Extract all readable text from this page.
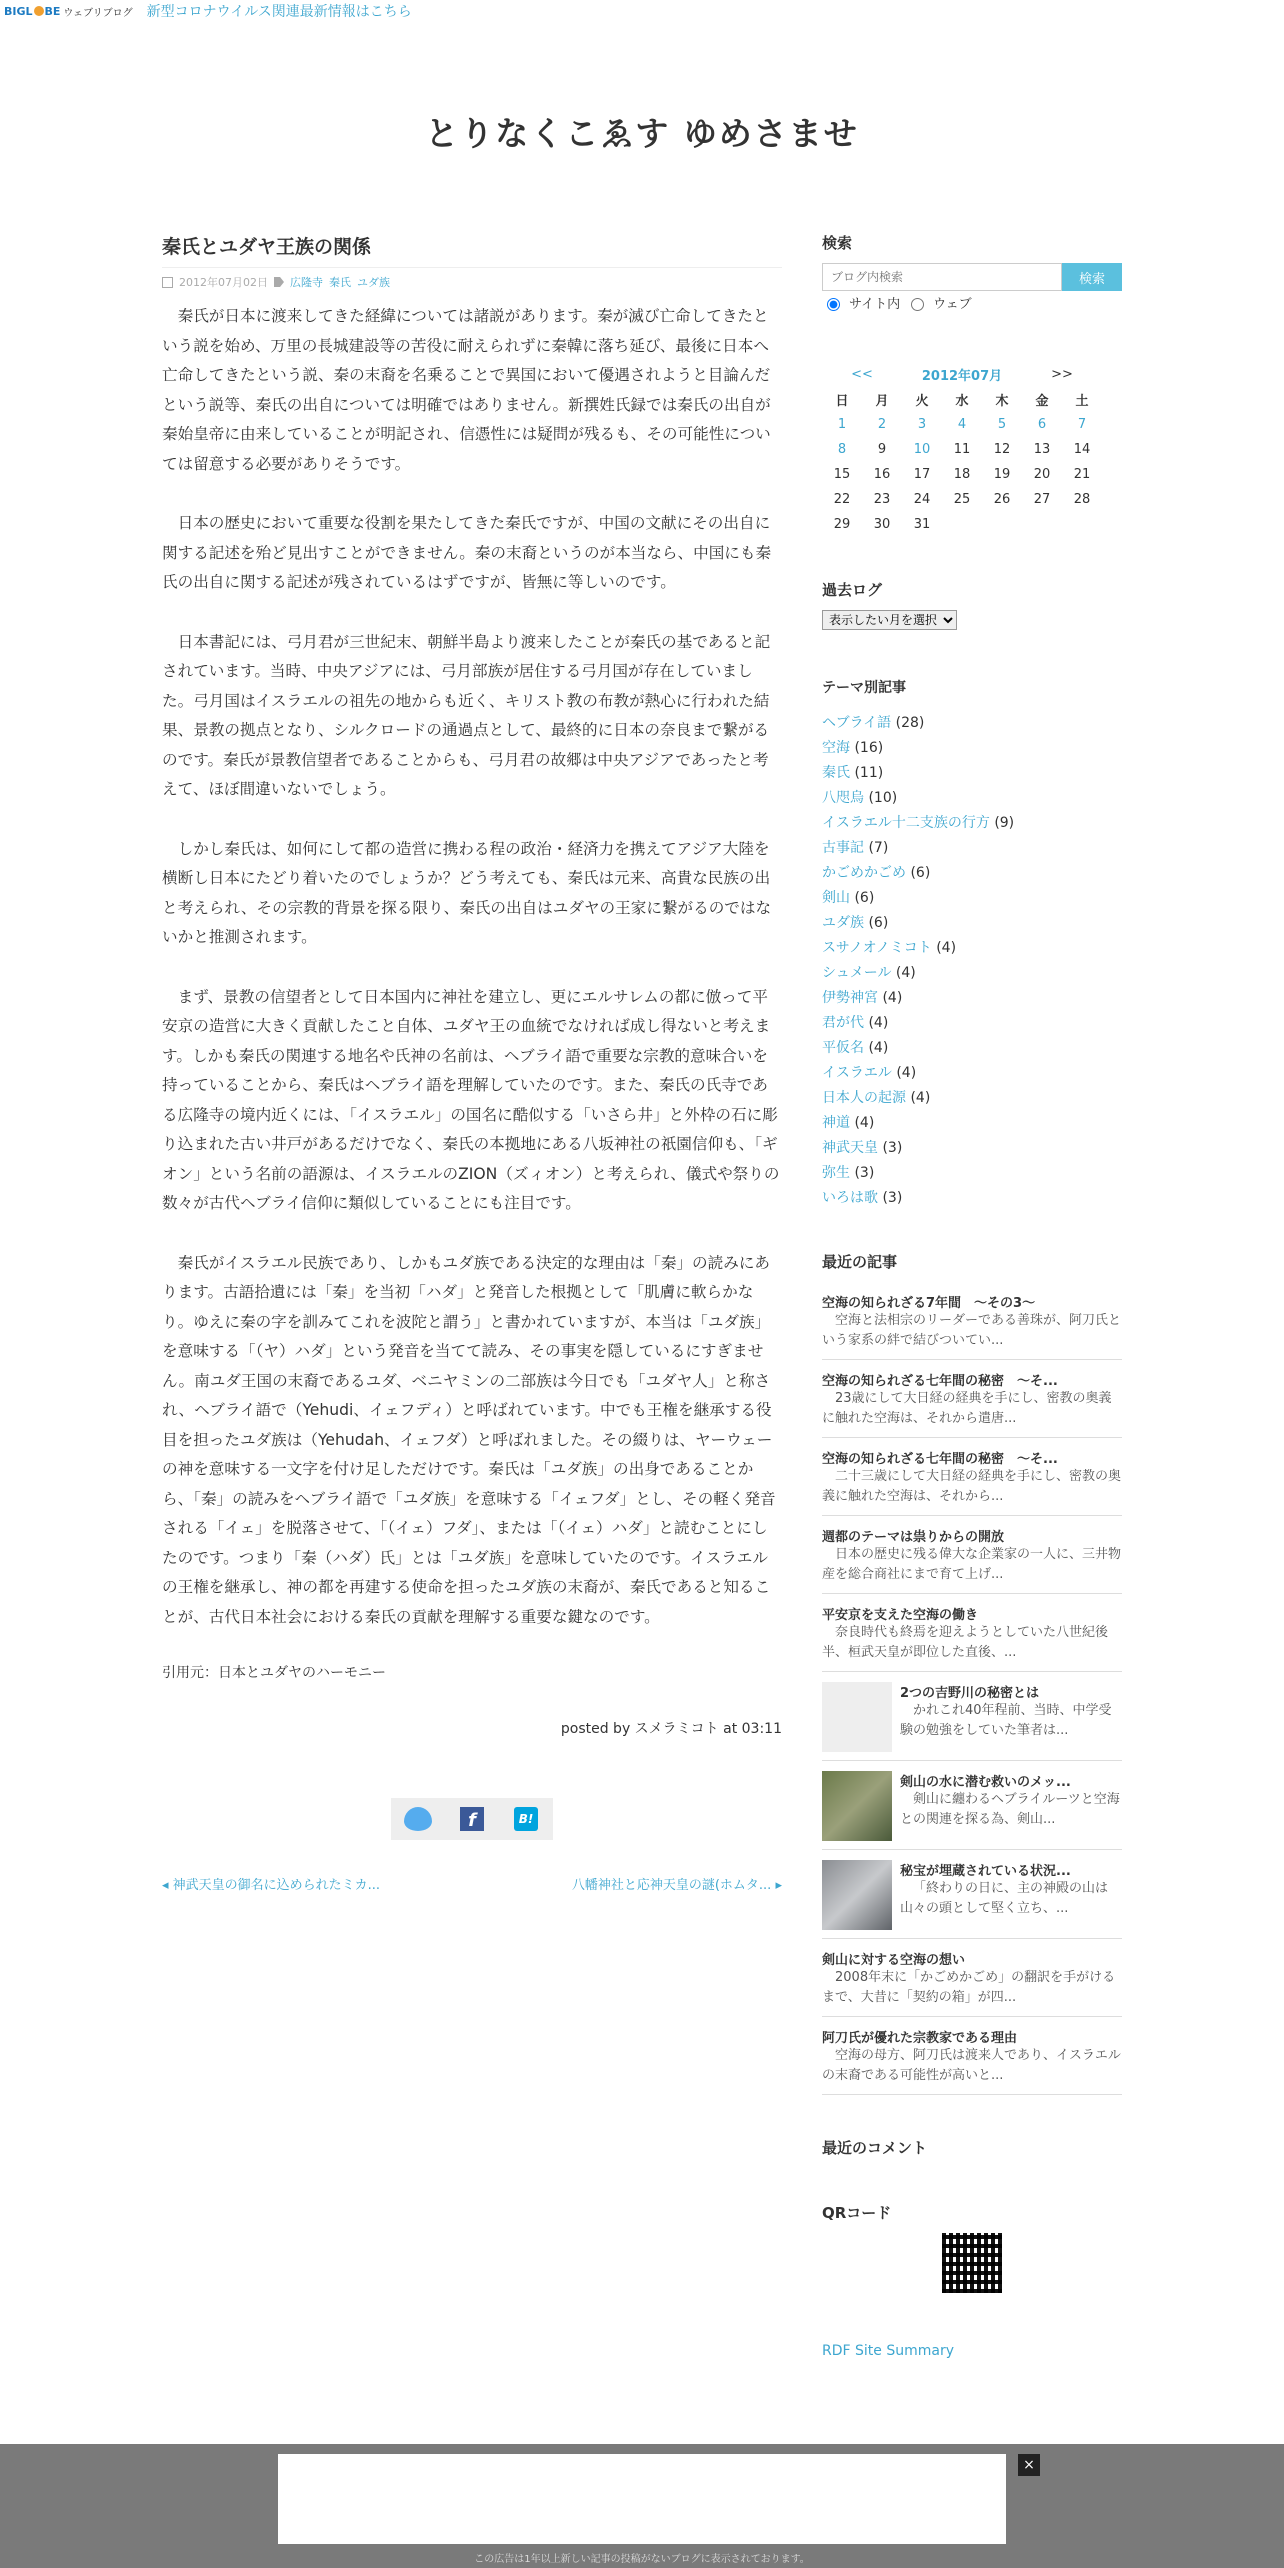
BIGL BE ウェブリブログ 新型コロナウイルス関連最新情報はこちら
とりなくこゑす ゆめさませ
秦氏とユダヤ王族の関係
2012年07月02日 広隆寺 秦氏 ユダ族

秦氏が日本に渡来してきた経緯については諸説があります。秦が滅び亡命してきたという説を始め、万里の長城建設等の苦役に耐えられずに秦韓に落ち延び、最後に日本へ亡命してきたという説、秦の末裔を名乗ることで異国において優遇されようと目論んだという説等、秦氏の出自については明確ではありません。新撰姓氏録では秦氏の出自が秦始皇帝に由来していることが明記され、信憑性には疑問が残るも、その可能性については留意する必要がありそうです。

日本の歴史において重要な役割を果たしてきた秦氏ですが、中国の文献にその出自に関する記述を殆ど見出すことができません。秦の末裔というのが本当なら、中国にも秦氏の出自に関する記述が残されているはずですが、皆無に等しいのです。

日本書記には、弓月君が三世紀末、朝鮮半島より渡来したことが秦氏の基であると記されています。当時、中央アジアには、弓月部族が居住する弓月国が存在していました。弓月国はイスラエルの祖先の地からも近く、キリスト教の布教が熱心に行われた結果、景教の拠点となり、シルクロードの通過点として、最終的に日本の奈良まで繋がるのです。秦氏が景教信望者であることからも、弓月君の故郷は中央アジアであったと考えて、ほぼ間違いないでしょう。

しかし秦氏は、如何にして都の造営に携わる程の政治・経済力を携えてアジア大陸を横断し日本にたどり着いたのでしょうか？どう考えても、秦氏は元来、高貴な民族の出と考えられ、その宗教的背景を探る限り、秦氏の出自はユダヤの王家に繋がるのではないかと推測されます。

まず、景教の信望者として日本国内に神社を建立し、更にエルサレムの都に倣って平安京の造営に大きく貢献したこと自体、ユダヤ王の血統でなければ成し得ないと考えます。しかも秦氏の関連する地名や氏神の名前は、ヘブライ語で重要な宗教的意味合いを持っていることから、秦氏はヘブライ語を理解していたのです。また、秦氏の氏寺である広隆寺の境内近くには、「イスラエル」の国名に酷似する「いさら井」と外枠の石に彫り込まれた古い井戸があるだけでなく、秦氏の本拠地にある八坂神社の祇園信仰も、「ギオン」という名前の語源は、イスラエルのZION（ズィオン）と考えられ、儀式や祭りの数々が古代ヘブライ信仰に類似していることにも注目です。

秦氏がイスラエル民族であり、しかもユダ族である決定的な理由は「秦」の読みにあります。古語拾遺には「秦」を当初「ハダ」と発音した根拠として「肌膚に軟らかなり。ゆえに秦の字を訓みてこれを波陀と謂う」と書かれていますが、本当は「ユダ族」を意味する「（ヤ）ハダ」という発音を当てて読み、その事実を隠しているにすぎません。南ユダ王国の末裔であるユダ、ベニヤミンの二部族は今日でも「ユダヤ人」と称され、ヘブライ語で（Yehudi、イェフディ）と呼ばれています。中でも王権を継承する役目を担ったユダ族は（Yehudah、イェフダ）と呼ばれました。その綴りは、ヤーウェーの神を意味する一文字を付け足しただけです。秦氏は「ユダ族」の出身であることから、「秦」の読みをヘブライ語で「ユダ族」を意味する「イェフダ」とし、その軽く発音される「イェ」を脱落させて、「（イェ）フダ」、または「（イェ）ハダ」と読むことにしたのです。つまり「秦（ハダ）氏」とは「ユダ族」を意味していたのです。イスラエルの王権を継承し、神の都を再建する使命を担ったユダ族の末裔が、秦氏であると知ることが、古代日本社会における秦氏の貢献を理解する重要な鍵なのです。

引用元：日本とユダヤのハーモニー
posted by スメラミコト at 03:11
f	B!
◂ 神武天皇の御名に込められたミカ...	八幡神社と応神天皇の謎(ホムタ... ▸
検索
ブログ内検索
検索
サイト内	ウェブ
<<		2012年07月			>>	
日	月	火	水	木	金	土
1	2	3	4	5	6	7
8	9	10	11	12	13	14
15	16	17	18	19	20	21
22	23	24	25	26	27	28
29	30	31				
過去ログ
表示したい月を選択
テーマ別記事
ヘブライ語 (28)
空海 (16)
秦氏 (11)
八咫烏 (10)
イスラエル十二支族の行方 (9)
古事記 (7)
かごめかごめ (6)
剣山 (6)
ユダ族 (6)
スサノオノミコト (4)
シュメール (4)
伊勢神宮 (4)
君が代 (4)
平仮名 (4)
イスラエル (4)
日本人の起源 (4)
神道 (4)
神武天皇 (3)
弥生 (3)
いろは歌 (3)
最近の記事
空海の知られざる7年間　～その3～
空海と法相宗のリーダーである善珠が、阿刀氏という家系の絆で結びついてい...
空海の知られざる七年間の秘密　～そ...
23歳にして大日経の経典を手にし、密教の奥義に触れた空海は、それから遣唐...
空海の知られざる七年間の秘密　～そ...
二十三歳にして大日経の経典を手にし、密教の奥義に触れた空海は、それから...
週都のテーマは祟りからの開放
日本の歴史に残る偉大な企業家の一人に、三井物産を総合商社にまで育て上げ...
平安京を支えた空海の働き
奈良時代も終焉を迎えようとしていた八世紀後半、桓武天皇が即位した直後、...
2つの吉野川の秘密とは
かれこれ40年程前、当時、中学受験の勉強をしていた筆者は...
剣山の水に潜む救いのメッ...
剣山に纏わるヘブライルーツと空海との関連を探る為、剣山...
秘宝が埋蔵されている状況...
「終わりの日に、主の神殿の山は山々の頭として堅く立ち、...
剣山に対する空海の想い
2008年末に「かごめかごめ」の翻訳を手がけるまで、大昔に「契約の箱」が四...
阿刀氏が優れた宗教家である理由
空海の母方、阿刀氏は渡来人であり、イスラエルの末裔である可能性が高いと...
最近のコメント
QRコード
RDF Site Summary
×
この広告は1年以上新しい記事の投稿がないブログに表示されております。
